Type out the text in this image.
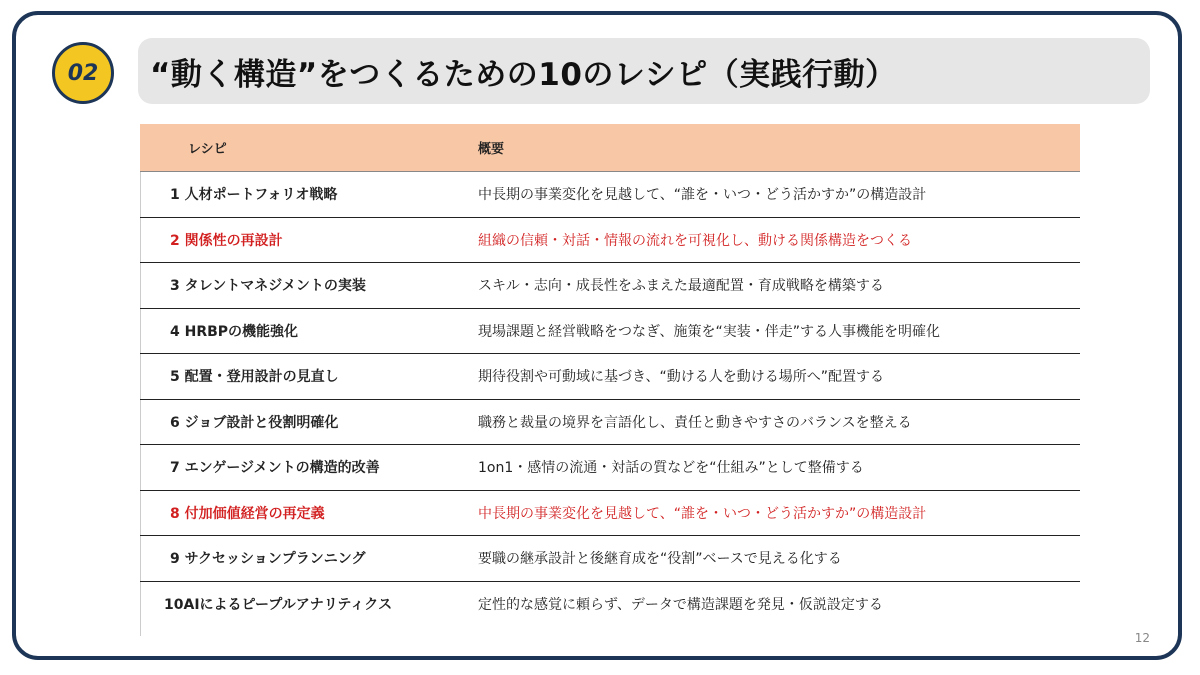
02 “動く構造”をつくるための10のレシピ（実践行動）
レシピ	概要
1 人材ポートフォリオ戦略	中長期の事業変化を見越して、“誰を・いつ・どう活かすか”の構造設計
2 関係性の再設計	組織の信頼・対話・情報の流れを可視化し、動ける関係構造をつくる
3 タレントマネジメントの実装	スキル・志向・成長性をふまえた最適配置・育成戦略を構築する
4 HRBPの機能強化	現場課題と経営戦略をつなぎ、施策を“実装・伴走”する人事機能を明確化
5 配置・登用設計の見直し	期待役割や可動域に基づき、“動ける人を動ける場所へ”配置する
6 ジョブ設計と役割明確化	職務と裁量の境界を言語化し、責任と動きやすさのバランスを整える
7 エンゲージメントの構造的改善	1on1・感情の流通・対話の質などを“仕組み”として整備する
8 付加価値経営の再定義	中長期の事業変化を見越して、“誰を・いつ・どう活かすか”の構造設計
9 サクセッションプランニング	要職の継承設計と後継育成を“役割”ベースで見える化する
10AIによるピープルアナリティクス	定性的な感覚に頼らず、データで構造課題を発見・仮説設定する
12
